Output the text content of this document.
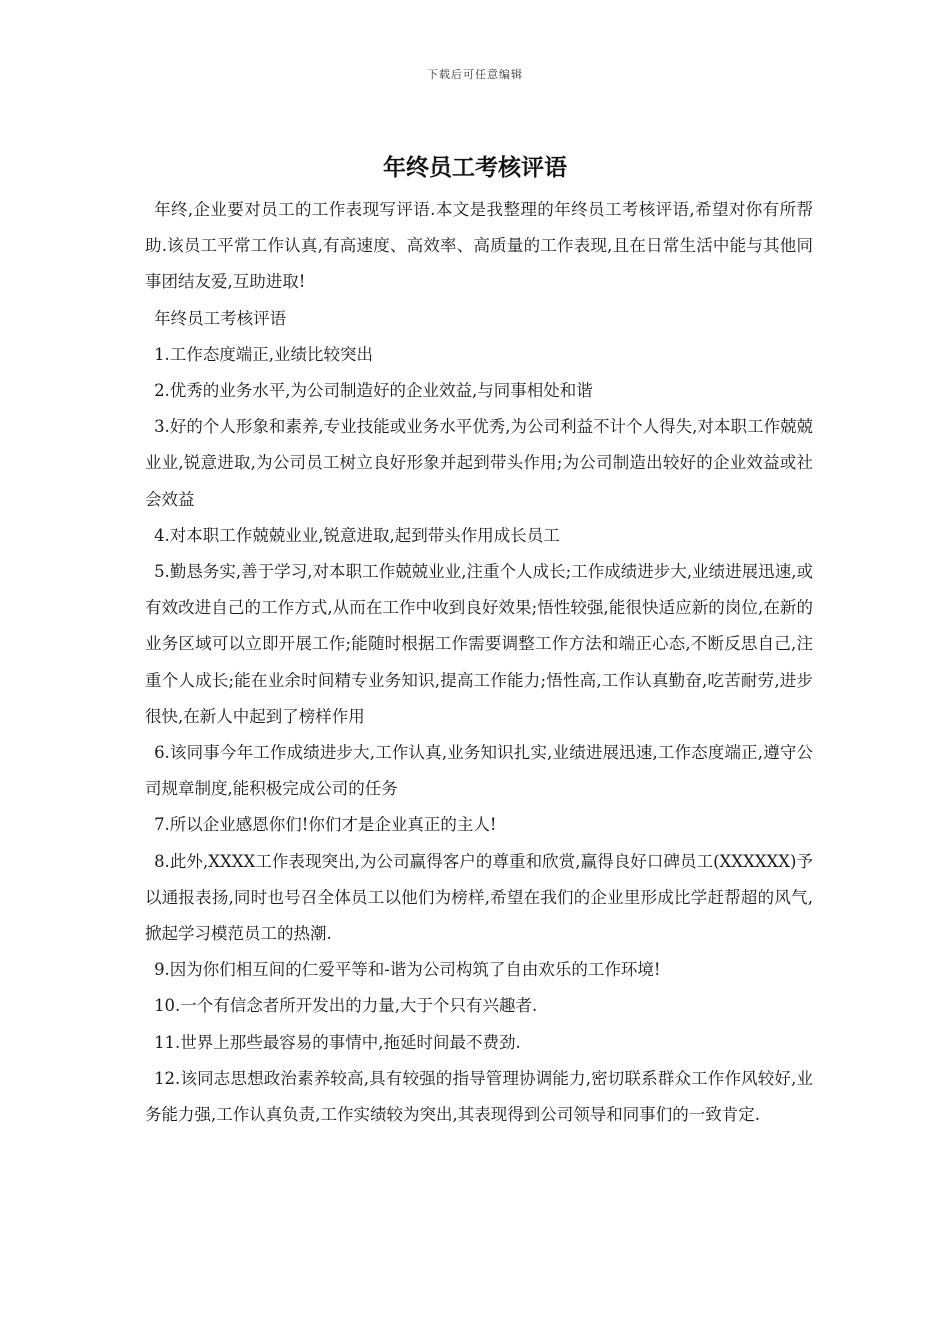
下载后可任意编辑
年终员工考核评语

年终,企业要对员工的工作表现写评语.本文是我整理的年终员工考核评语,希望对你有所帮助.该员工平常工作认真,有高速度、高效率、高质量的工作表现,且在日常生活中能与其他同事团结友爱,互助进取!

年终员工考核评语

1.工作态度端正,业绩比较突出

2.优秀的业务水平,为公司制造好的企业效益,与同事相处和谐

3.好的个人形象和素养,专业技能或业务水平优秀,为公司利益不计个人得失,对本职工作兢兢业业,锐意进取,为公司员工树立良好形象并起到带头作用;为公司制造出较好的企业效益或社会效益

4.对本职工作兢兢业业,锐意进取,起到带头作用成长员工

5.勤恳务实,善于学习,对本职工作兢兢业业,注重个人成长;工作成绩进步大,业绩进展迅速,或有效改进自己的工作方式,从而在工作中收到良好效果;悟性较强,能很快适应新的岗位,在新的业务区域可以立即开展工作;能随时根据工作需要调整工作方法和端正心态,不断反思自己,注重个人成长;能在业余时间精专业务知识,提高工作能力;悟性高,工作认真勤奋,吃苦耐劳,进步很快,在新人中起到了榜样作用

6.该同事今年工作成绩进步大,工作认真,业务知识扎实,业绩进展迅速,工作态度端正,遵守公司规章制度,能积极完成公司的任务

7.所以企业感恩你们!你们才是企业真正的主人!

8.此外,XXXX工作表现突出,为公司赢得客户的尊重和欣赏,赢得良好口碑员工(XXXXXX)予以通报表扬,同时也号召全体员工以他们为榜样,希望在我们的企业里形成比学赶帮超的风气,掀起学习模范员工的热潮.

9.因为你们相互间的仁爱平等和-谐为公司构筑了自由欢乐的工作环境!

10.一个有信念者所开发出的力量,大于个只有兴趣者.

11.世界上那些最容易的事情中,拖延时间最不费劲.

12.该同志思想政治素养较高,具有较强的指导管理协调能力,密切联系群众工作作风较好,业务能力强,工作认真负责,工作实绩较为突出,其表现得到公司领导和同事们的一致肯定.
